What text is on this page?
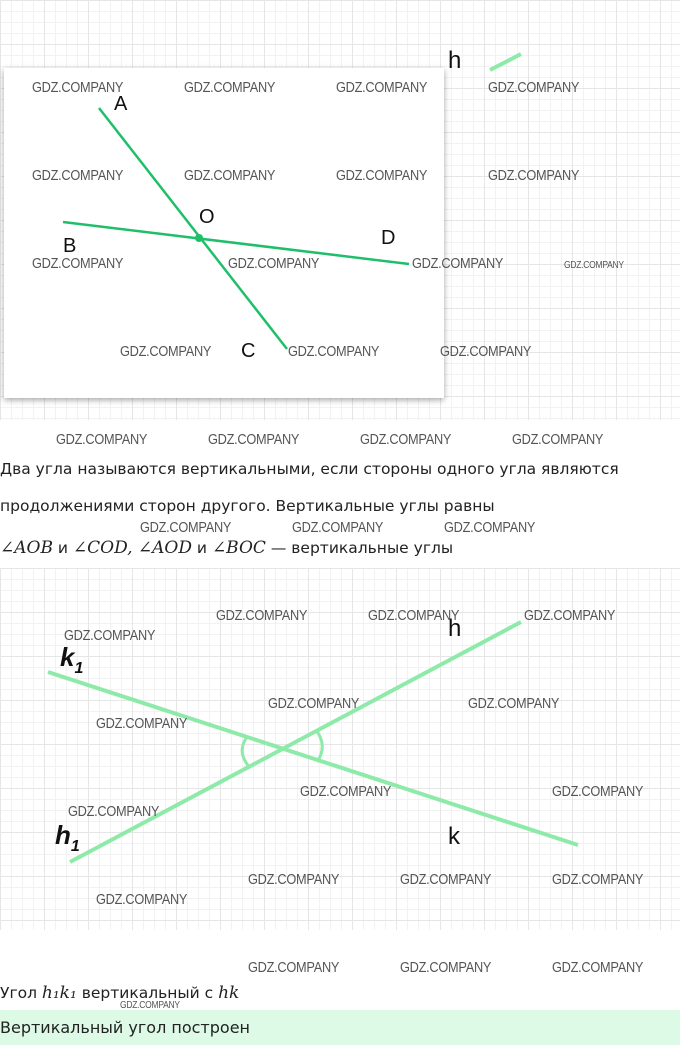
h
A
B
C
D
O
Два угла называются вертикальными, если стороны одного угла являются
продолжениями сторон другого. Вертикальные углы равны
∠AOB и ∠COD, ∠AOD и ∠BOC — вертикальные углы
h
k
$k_1$
$h_1$
Угол h₁k₁ вертикальный с hk
Вертикальный угол построен
GDZ.COMPANY	GDZ.COMPANY	GDZ.COMPANY	GDZ.COMPANY
GDZ.COMPANY	GDZ.COMPANY	GDZ.COMPANY	GDZ.COMPANY
GDZ.COMPANY	GDZ.COMPANY	GDZ.COMPANY	GDZ.COMPANY
GDZ.COMPANY	GDZ.COMPANY	GDZ.COMPANY
GDZ.COMPANY	GDZ.COMPANY	GDZ.COMPANY	GDZ.COMPANY
GDZ.COMPANY	GDZ.COMPANY	GDZ.COMPANY
GDZ.COMPANY	GDZ.COMPANY	GDZ.COMPANY
GDZ.COMPANY
GDZ.COMPANY	GDZ.COMPANY
GDZ.COMPANY
GDZ.COMPANY	GDZ.COMPANY
GDZ.COMPANY
GDZ.COMPANY	GDZ.COMPANY	GDZ.COMPANY
GDZ.COMPANY
GDZ.COMPANY	GDZ.COMPANY	GDZ.COMPANY
GDZ.COMPANY
